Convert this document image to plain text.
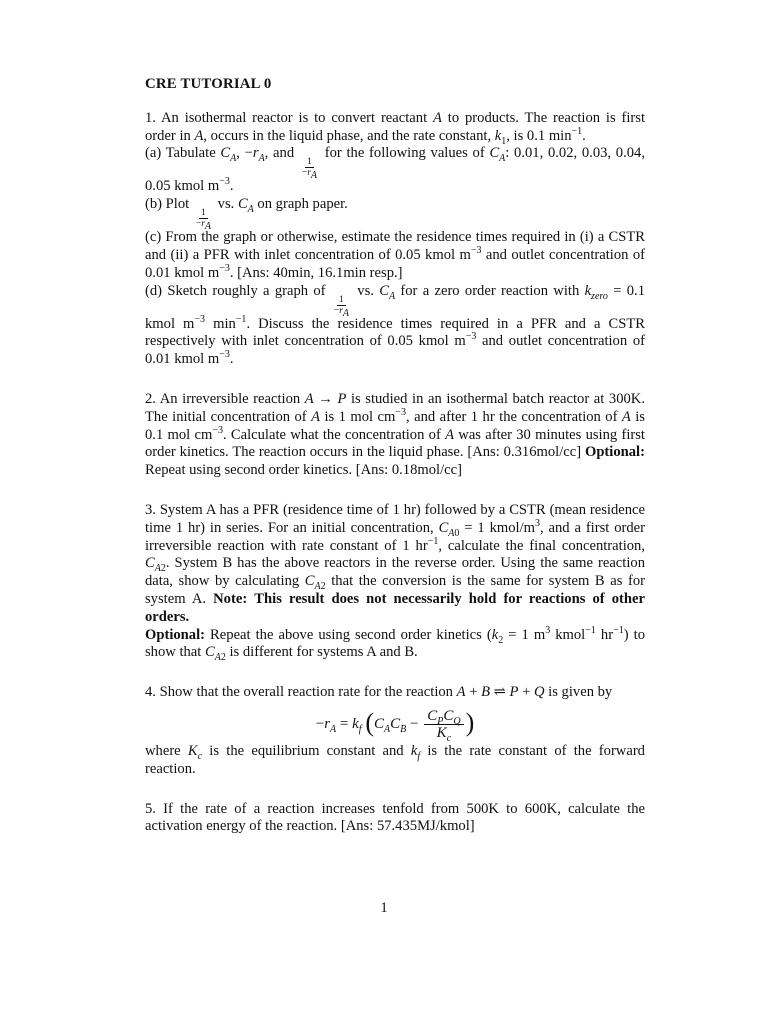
CRE TUTORIAL 0

1. An isothermal reactor is to convert reactant A to products. The reaction is first order in A, occurs in the liquid phase, and the rate constant, $k_1$, is 0.1 $\min^{-1}$.

(a) Tabulate $C_A$, $-r_A$, and
$\frac{1}{-r_A}$
for the following values of $C_A$: 0.01, 0.02, 0.03, 0.04, 0.05 kmol $m^{-3}$.

(b) Plot
$\frac{1}{-r_A}$
vs. $C_A$ on graph paper.

(c) From the graph or otherwise, estimate the residence times required in (i) a CSTR and (ii) a PFR with inlet concentration of 0.05 kmol $m^{-3}$ and outlet concentration of 0.01 kmol $m^{-3}$. [Ans: 40min, 16.1min resp.]

(d) Sketch roughly a graph of
$\frac{1}{-r_A}$
vs. $C_A$ for a zero order reaction with $k_{zero} = 0.1$ kmol $m^{-3}$ $\min^{-1}$. Discuss the residence times required in a PFR and a CSTR respectively with inlet concentration of 0.05 kmol $m^{-3}$ and outlet concentration of 0.01 kmol $m^{-3}$.

2. An irreversible reaction A → P is studied in an isothermal batch reactor at 300K. The initial concentration of A is 1 mol $cm^{-3}$, and after 1 hr the concentration of A is 0.1 mol $cm^{-3}$. Calculate what the concentration of A was after 30 minutes using first order kinetics. The reaction occurs in the liquid phase. [Ans: 0.316mol/cc] Optional: Repeat using second order kinetics. [Ans: 0.18mol/cc]

3. System A has a PFR (residence time of 1 hr) followed by a CSTR (mean residence time 1 hr) in series. For an initial concentration, $C_{A0} = 1$ kmol/$m^3$, and a first order irreversible reaction with rate constant of 1 $hr^{-1}$, calculate the final concentration, $C_{A2}$. System B has the above reactors in the reverse order. Using the same reaction data, show by calculating $C_{A2}$ that the conversion is the same for system B as for system A. Note: This result does not necessarily hold for reactions of other orders.

Optional: Repeat the above using second order kinetics ($k_2 = 1$ $m^3$ kmol$^{-1}$ $hr^{-1}$) to show that $C_{A2}$ is different for systems A and B.

4. Show that the overall reaction rate for the reaction A + B ⇌ P + Q is given by

$-r_A = k_f$ ($C_AC_B - \frac{C_PC_Q}{K_c}$ )

where $K_c$ is the equilibrium constant and $k_f$ is the rate constant of the forward reaction.

5. If the rate of a reaction increases tenfold from 500K to 600K, calculate the activation energy of the reaction. [Ans: 57.435MJ/kmol]

1
